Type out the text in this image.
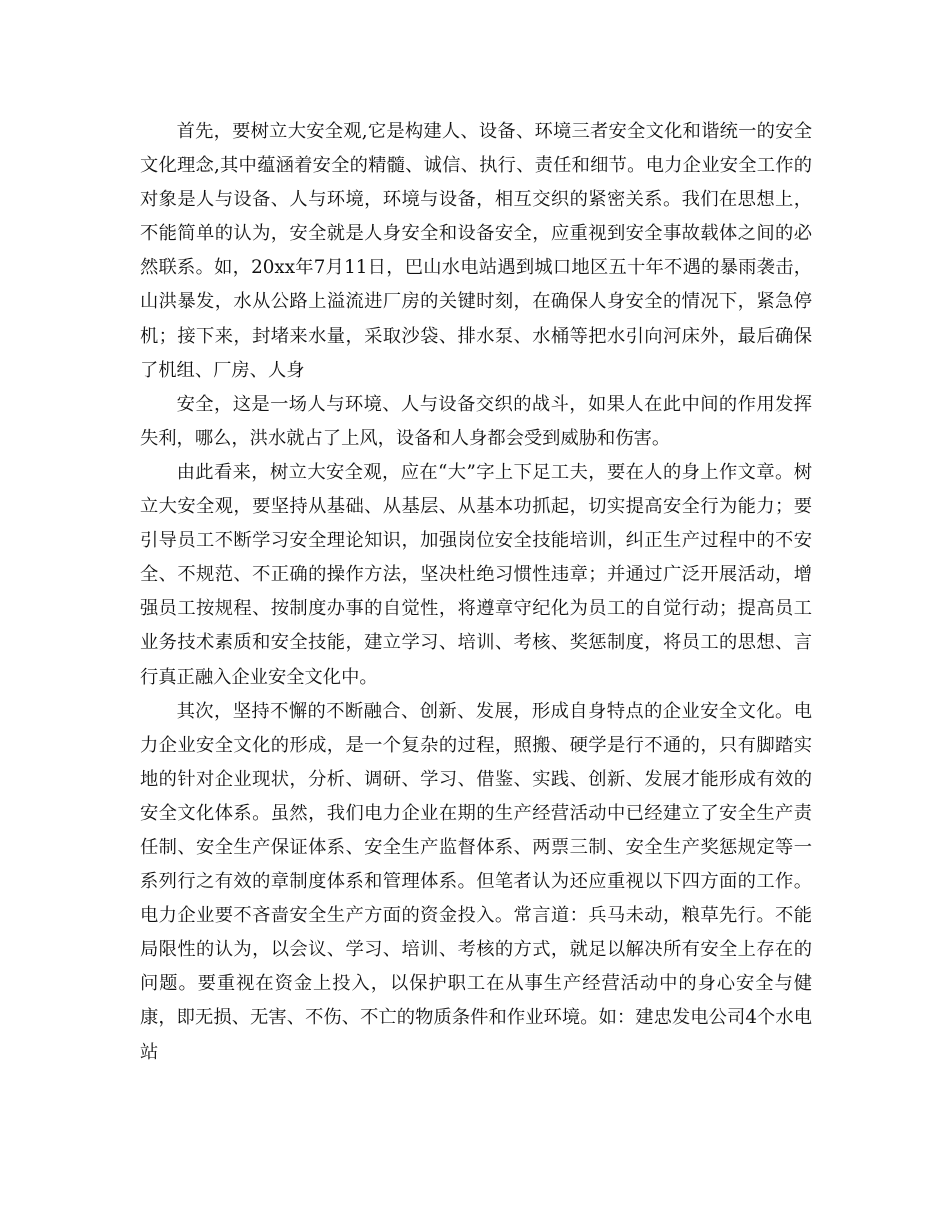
首先，要树立大安全观,它是构建人、设备、环境三者安全文化和谐统一的安全文化理念,其中蕴涵着安全的精髓、诚信、执行、责任和细节。电力企业安全工作的对象是人与设备、人与环境，环境与设备，相互交织的紧密关系。我们在思想上，不能简单的认为，安全就是人身安全和设备安全，应重视到安全事故载体之间的必然联系。如，20xx年7月11日，巴山水电站遇到城口地区五十年不遇的暴雨袭击，山洪暴发，水从公路上溢流进厂房的关键时刻，在确保人身安全的情况下，紧急停机；接下来，封堵来水量，采取沙袋、排水泵、水桶等把水引向河床外，最后确保了机组、厂房、人身

安全，这是一场人与环境、人与设备交织的战斗，如果人在此中间的作用发挥失利，哪么，洪水就占了上风，设备和人身都会受到威胁和伤害。

由此看来，树立大安全观，应在“大”字上下足工夫，要在人的身上作文章。树立大安全观，要坚持从基础、从基层、从基本功抓起，切实提高安全行为能力；要引导员工不断学习安全理论知识，加强岗位安全技能培训，纠正生产过程中的不安全、不规范、不正确的操作方法，坚决杜绝习惯性违章；并通过广泛开展活动，增强员工按规程、按制度办事的自觉性，将遵章守纪化为员工的自觉行动；提高员工业务技术素质和安全技能，建立学习、培训、考核、奖惩制度，将员工的思想、言行真正融入企业安全文化中。

其次，坚持不懈的不断融合、创新、发展，形成自身特点的企业安全文化。电力企业安全文化的形成，是一个复杂的过程，照搬、硬学是行不通的，只有脚踏实地的针对企业现状，分析、调研、学习、借鉴、实践、创新、发展才能形成有效的安全文化体系。虽然，我们电力企业在期的生产经营活动中已经建立了安全生产责任制、安全生产保证体系、安全生产监督体系、两票三制、安全生产奖惩规定等一系列行之有效的章制度体系和管理体系。但笔者认为还应重视以下四方面的工作。电力企业要不吝啬安全生产方面的资金投入。常言道：兵马未动，粮草先行。不能局限性的认为，以会议、学习、培训、考核的方式，就足以解决所有安全上存在的问题。要重视在资金上投入，以保护职工在从事生产经营活动中的身心安全与健康，即无损、无害、不伤、不亡的物质条件和作业环境。如：建忠发电公司4个水电站
